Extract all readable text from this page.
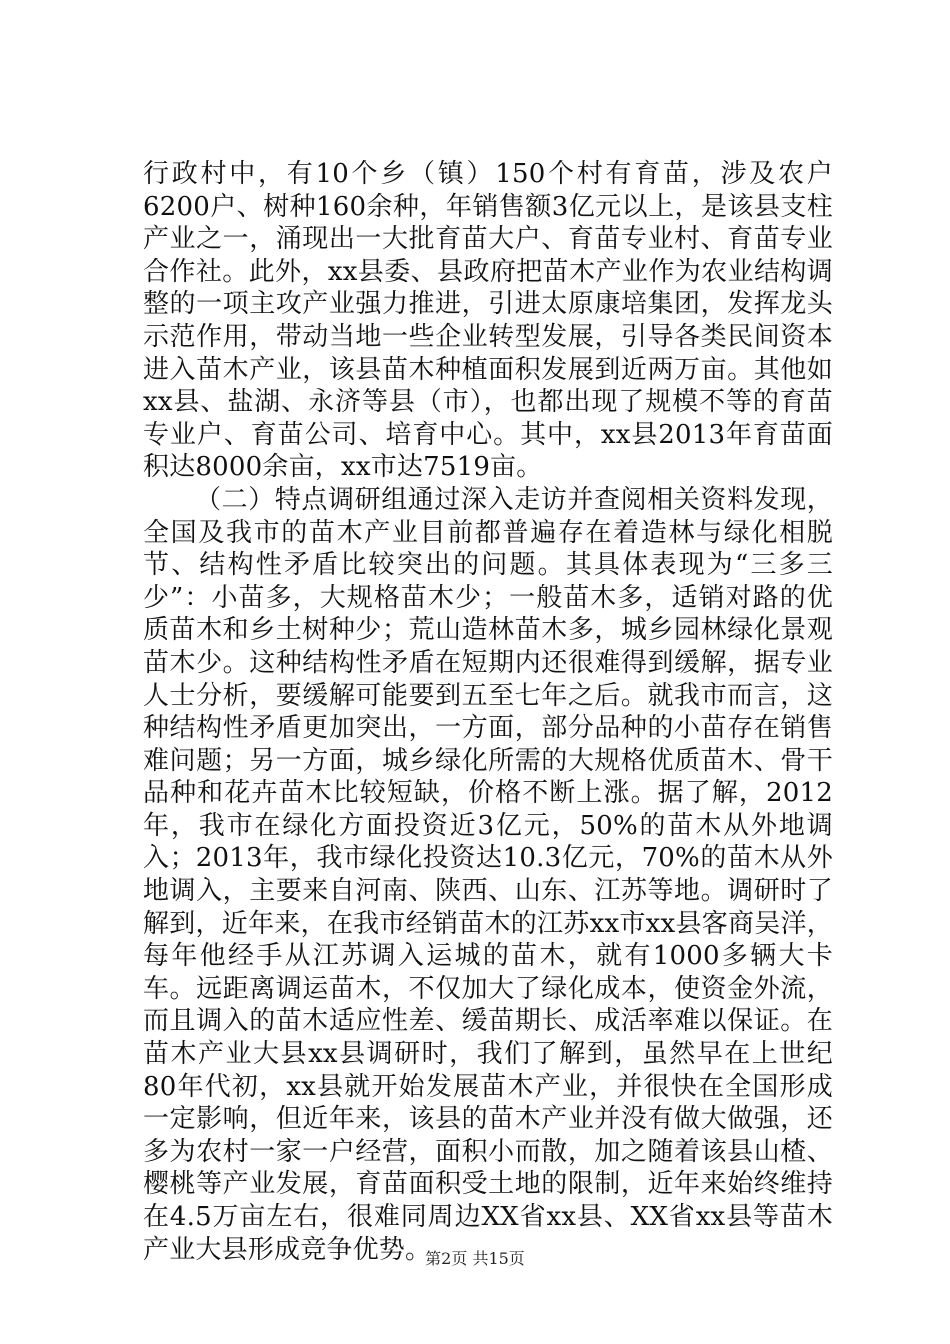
行政村中，有10个乡（镇）150个村有育苗，涉及农户6200户、树种160余种，年销售额3亿元以上，是该县支柱产业之一，涌现出一大批育苗大户、育苗专业村、育苗专业合作社。此外，xx县委、县政府把苗木产业作为农业结构调整的一项主攻产业强力推进，引进太原康培集团，发挥龙头示范作用，带动当地一些企业转型发展，引导各类民间资本进入苗木产业，该县苗木种植面积发展到近两万亩。其他如xx县、盐湖、永济等县（市），也都出现了规模不等的育苗专业户、育苗公司、培育中心。其中，xx县2013年育苗面积达8000余亩，xx市达7519亩。

（二）特点调研组通过深入走访并查阅相关资料发现，全国及我市的苗木产业目前都普遍存在着造林与绿化相脱节、结构性矛盾比较突出的问题。其具体表现为“三多三少”：小苗多，大规格苗木少；一般苗木多，适销对路的优质苗木和乡土树种少；荒山造林苗木多，城乡园林绿化景观苗木少。这种结构性矛盾在短期内还很难得到缓解，据专业人士分析，要缓解可能要到五至七年之后。就我市而言，这种结构性矛盾更加突出，一方面，部分品种的小苗存在销售难问题；另一方面，城乡绿化所需的大规格优质苗木、骨干品种和花卉苗木比较短缺，价格不断上涨。据了解，2012年，我市在绿化方面投资近3亿元，50%的苗木从外地调入；2013年，我市绿化投资达10.3亿元，70%的苗木从外地调入，主要来自河南、陕西、山东、江苏等地。调研时了解到，近年来，在我市经销苗木的江苏xx市xx县客商吴洋，每年他经手从江苏调入运城的苗木，就有1000多辆大卡车。远距离调运苗木，不仅加大了绿化成本，使资金外流，而且调入的苗木适应性差、缓苗期长、成活率难以保证。在苗木产业大县xx县调研时，我们了解到，虽然早在上世纪80年代初，xx县就开始发展苗木产业，并很快在全国形成一定影响，但近年来，该县的苗木产业并没有做大做强，还多为农村一家一户经营，面积小而散，加之随着该县山楂、樱桃等产业发展，育苗面积受土地的限制，近年来始终维持在4.5万亩左右，很难同周边XX省xx县、XX省xx县等苗木产业大县形成竞争优势。

第2页 共15页
